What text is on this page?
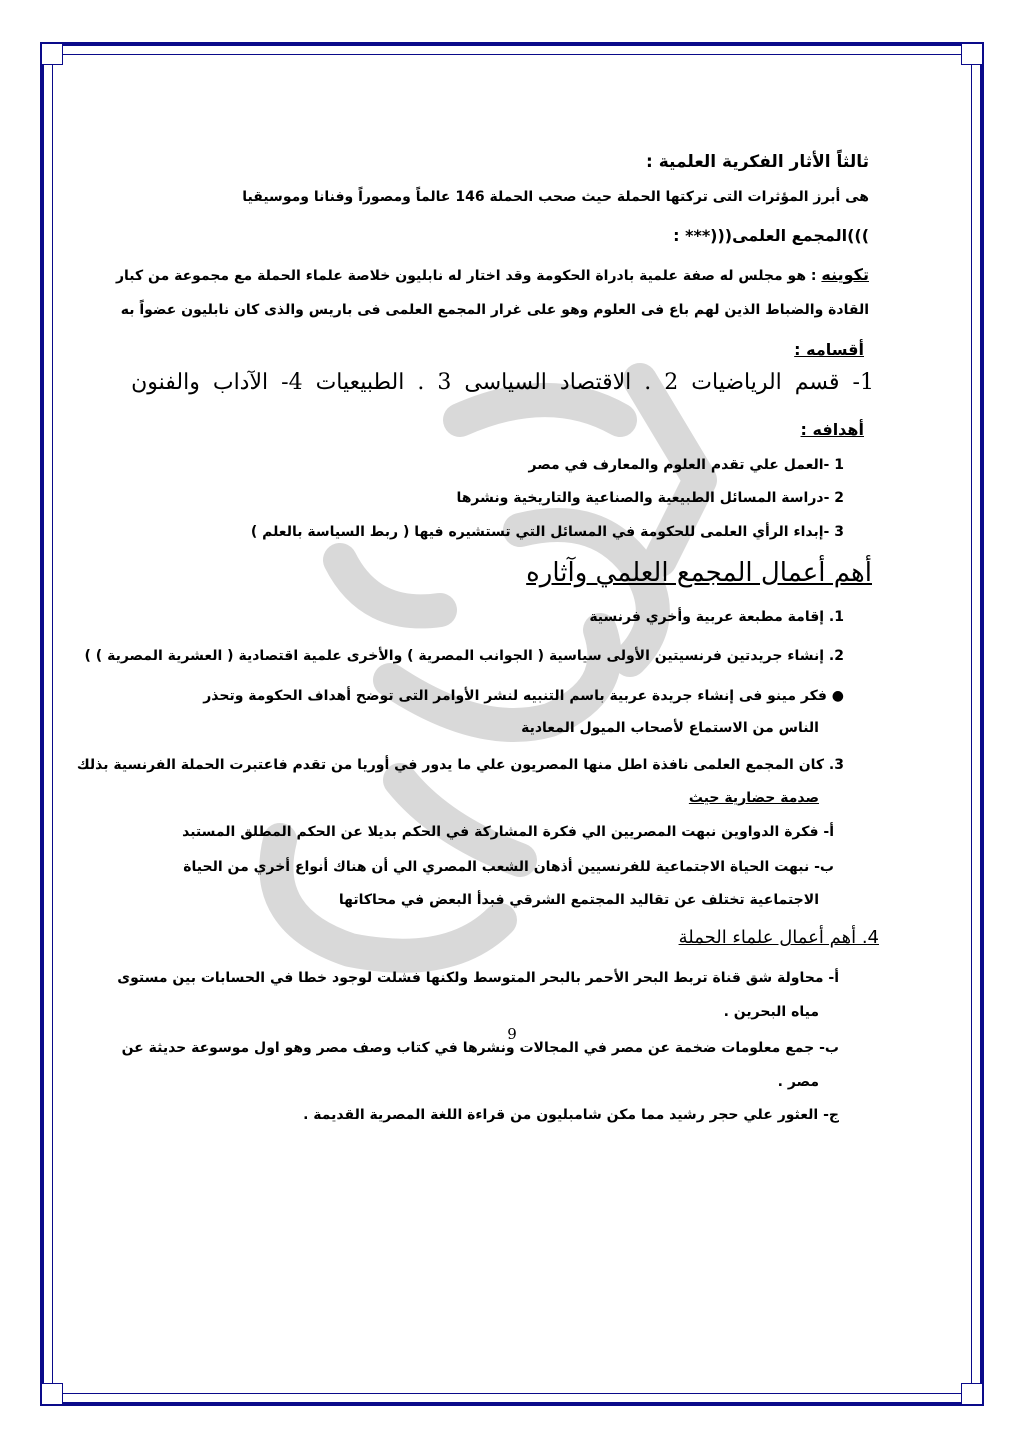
ثالثاً الأثار الفكرية العلمية :
هى أبرز المؤثرات التى تركتها الحملة حيث صحب الحملة 146 عالماً ومصوراً وفنانا وموسيقيا
)))المجمع العلمى(((*** :
تكوينه : هو مجلس له صفة علمية بادراة الحكومة وقد اختار له نابليون خلاصة علماء الحملة مع مجموعة من كبار
القادة والضباط الذين لهم باع فى العلوم وهو على غرار المجمع العلمى فى باريس والذى كان نابليون عضواً به
أقسامه :
1- قسم الرياضيات 2 . الاقتصاد السياسى 3 . الطبيعيات 4- الآداب والفنون
أهدافه :
1 -العمل علي تقدم العلوم والمعارف في مصر
2 -دراسة المسائل الطبيعية والصناعية والتاريخية ونشرها
3 -إبداء الرأي العلمى للحكومة في المسائل التي تستشيره فيها ( ربط السياسة بالعلم )
أهم أعمال المجمع العلمي وآثاره
1. إقامة مطبعة عربية وأخري فرنسية
2. إنشاء جريدتين فرنسيتين الأولى سياسية ( الجوانب المصرية ) والأخرى علمية اقتصادية ( العشرية المصرية ) )
● فكر مينو فى إنشاء جريدة عربية باسم التنبيه لنشر الأوامر التى توضح أهداف الحكومة وتحذر
الناس من الاستماع لأصحاب الميول المعادية
3. كان المجمع العلمى نافذة اطل منها المصريون علي ما يدور في أوريا من تقدم فاعتبرت الحملة الفرنسية بذلك
صدمة حضارية حيث
أ- فكرة الدواوين نبهت المصريين الي فكرة المشاركة في الحكم بديلا عن الحكم المطلق المستبد
ب- نبهت الحياة الاجتماعية للفرنسيين أذهان الشعب المصري الي أن هناك أنواع أخري من الحياة
الاجتماعية تختلف عن تقاليد المجتمع الشرقي فبدأ البعض في محاكاتها
4. أهم أعمال علماء الحملة
أ- محاولة شق قناة تربط البحر الأحمر بالبحر المتوسط ولكنها فشلت لوجود خطا في الحسابات بين مستوى
مياه البحرين .
ب- جمع معلومات ضخمة عن مصر في المجالات ونشرها في كتاب وصف مصر وهو اول موسوعة حديثة عن
مصر .
ج- العثور علي حجر رشيد مما مكن شامبليون من قراءة اللغة المصرية القديمة .
9
